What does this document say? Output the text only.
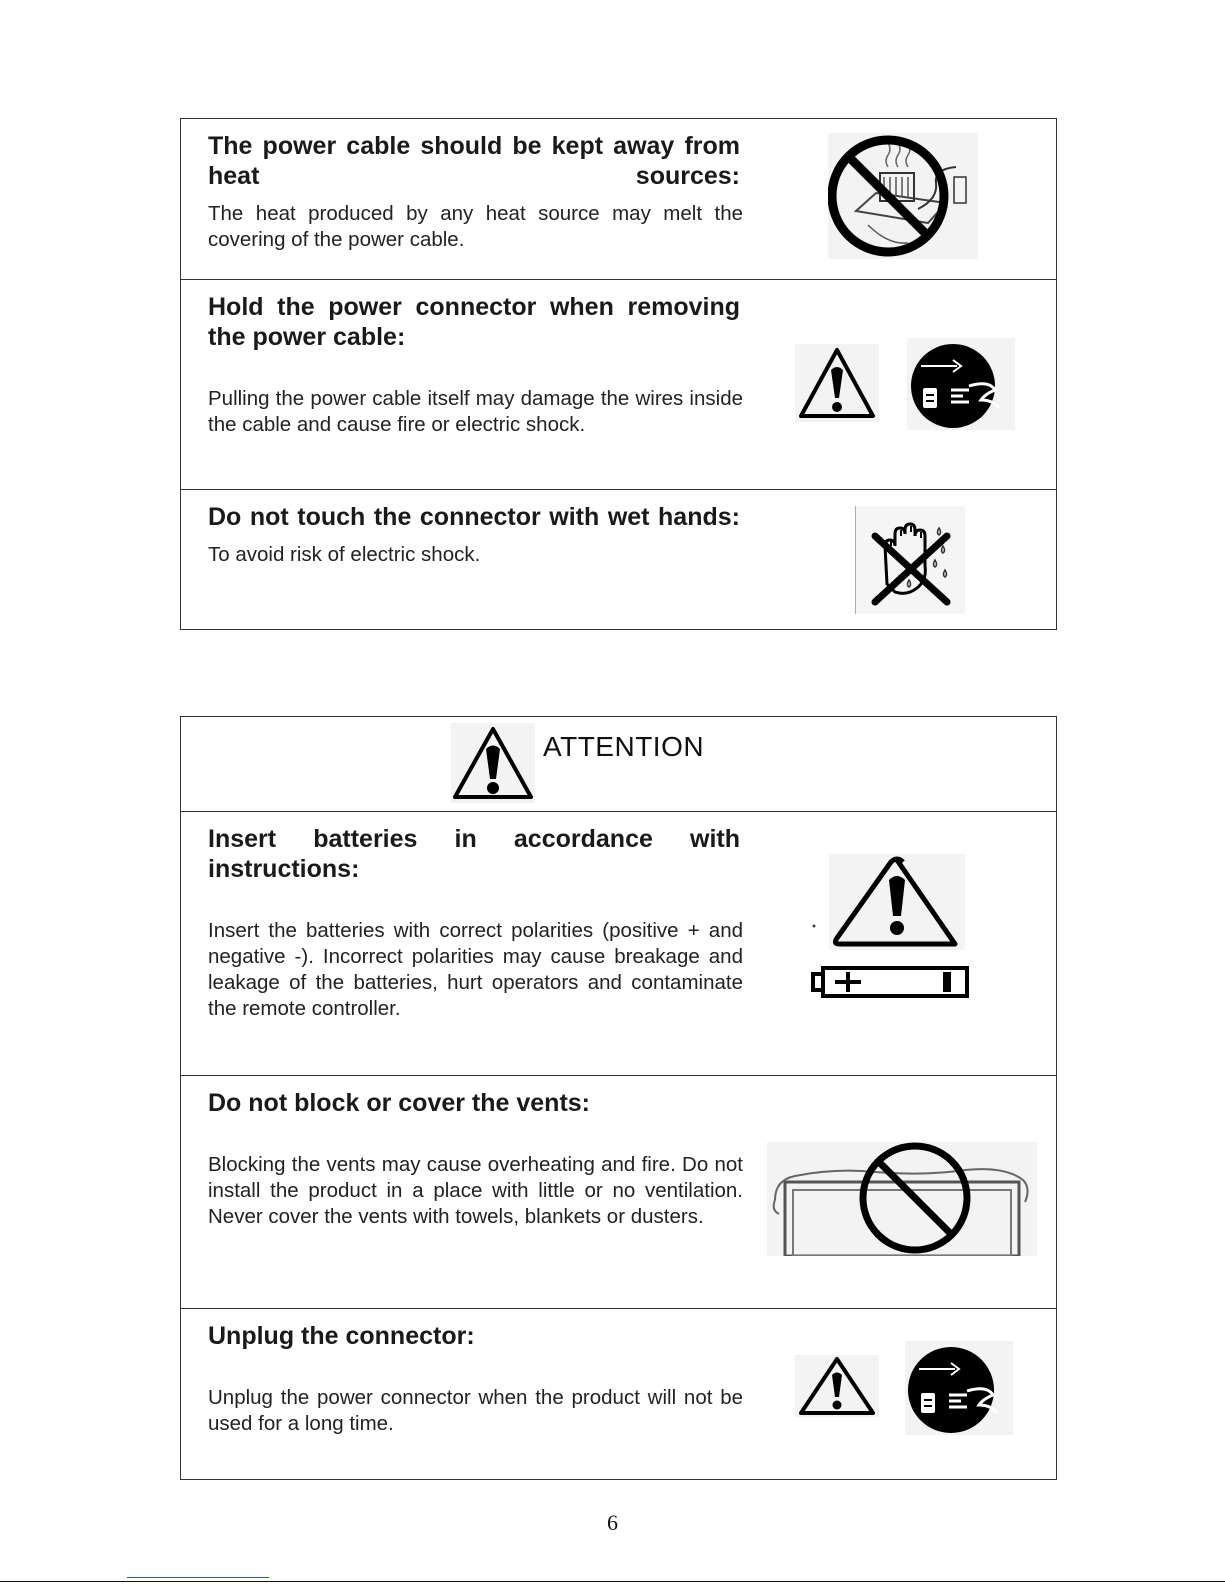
The power cable should be kept away from heat sources:

The heat produced by any heat source may melt the covering of the power cable.

Hold the power connector when removing the power cable:

Pulling the power cable itself may damage the wires inside the cable and cause fire or electric shock.

Do not touch the connector with wet hands:

To avoid risk of electric shock.

ATTENTION

Insert batteries in accordance with instructions:

Insert the batteries with correct polarities (positive + and negative -). Incorrect polarities may cause breakage and leakage of the batteries, hurt operators and contaminate the remote controller.

Do not block or cover the vents:

Blocking the vents may cause overheating and fire. Do not install the product in a place with little or no ventilation. Never cover the vents with towels, blankets or dusters.

Unplug the connector:

Unplug the power connector when the product will not be used for a long time.

6
